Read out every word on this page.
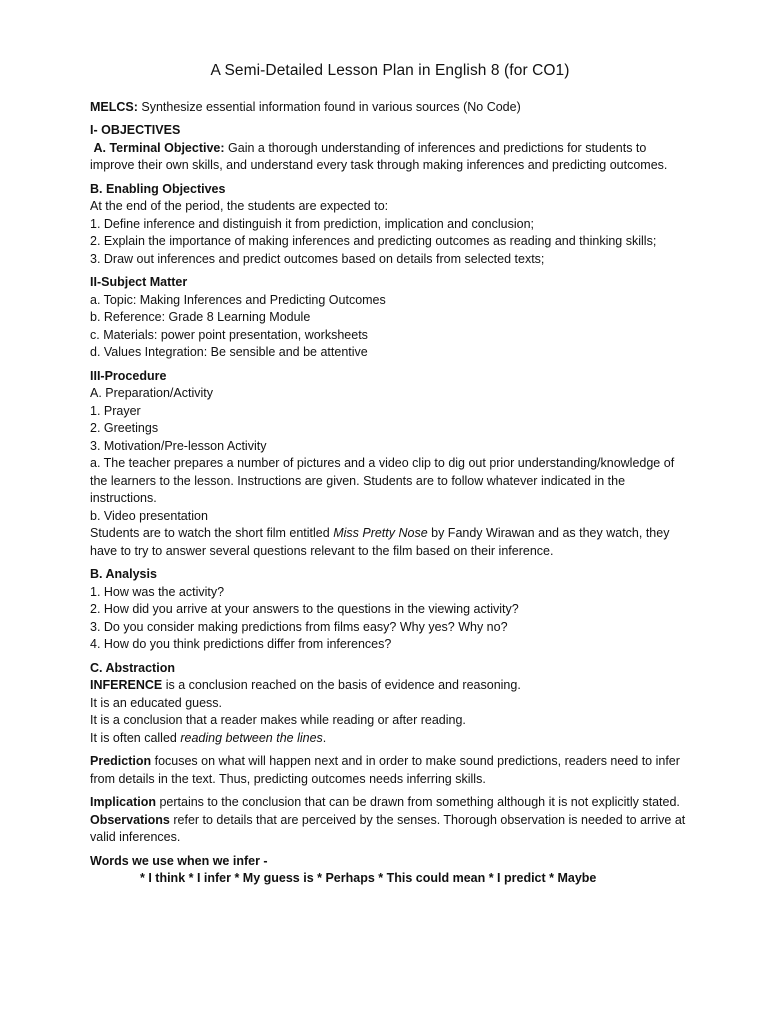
A Semi-Detailed Lesson Plan in English 8 (for CO1)

MELCS: Synthesize essential information found in various sources (No Code)

I- OBJECTIVES

A. Terminal Objective: Gain a thorough understanding of inferences and predictions for students to improve their own skills, and understand every task through making inferences and predicting outcomes.

B. Enabling Objectives

At the end of the period, the students are expected to:

1. Define inference and distinguish it from prediction, implication and conclusion;

2. Explain the importance of making inferences and predicting outcomes as reading and thinking skills;

3. Draw out inferences and predict outcomes based on details from selected texts;

II-Subject Matter

a. Topic: Making Inferences and Predicting Outcomes

b. Reference: Grade 8 Learning Module

c. Materials: power point presentation, worksheets

d. Values Integration: Be sensible and be attentive

III-Procedure

A. Preparation/Activity

1. Prayer

2. Greetings

3. Motivation/Pre-lesson Activity

a. The teacher prepares a number of pictures and a video clip to dig out prior understanding/knowledge of the learners to the lesson. Instructions are given. Students are to follow whatever indicated in the instructions.

b. Video presentation

Students are to watch the short film entitled Miss Pretty Nose by Fandy Wirawan and as they watch, they have to try to answer several questions relevant to the film based on their inference.

B. Analysis

1. How was the activity?

2. How did you arrive at your answers to the questions in the viewing activity?

3. Do you consider making predictions from films easy? Why yes? Why no?

4. How do you think predictions differ from inferences?

C. Abstraction

INFERENCE is a conclusion reached on the basis of evidence and reasoning.

It is an educated guess.

It is a conclusion that a reader makes while reading or after reading.

It is often called reading between the lines.

Prediction focuses on what will happen next and in order to make sound predictions, readers need to infer from details in the text. Thus, predicting outcomes needs inferring skills.

Implication pertains to the conclusion that can be drawn from something although it is not explicitly stated.

Observations refer to details that are perceived by the senses. Thorough observation is needed to arrive at valid inferences.

Words we use when we infer -

* I think * I infer * My guess is * Perhaps * This could mean * I predict * Maybe
